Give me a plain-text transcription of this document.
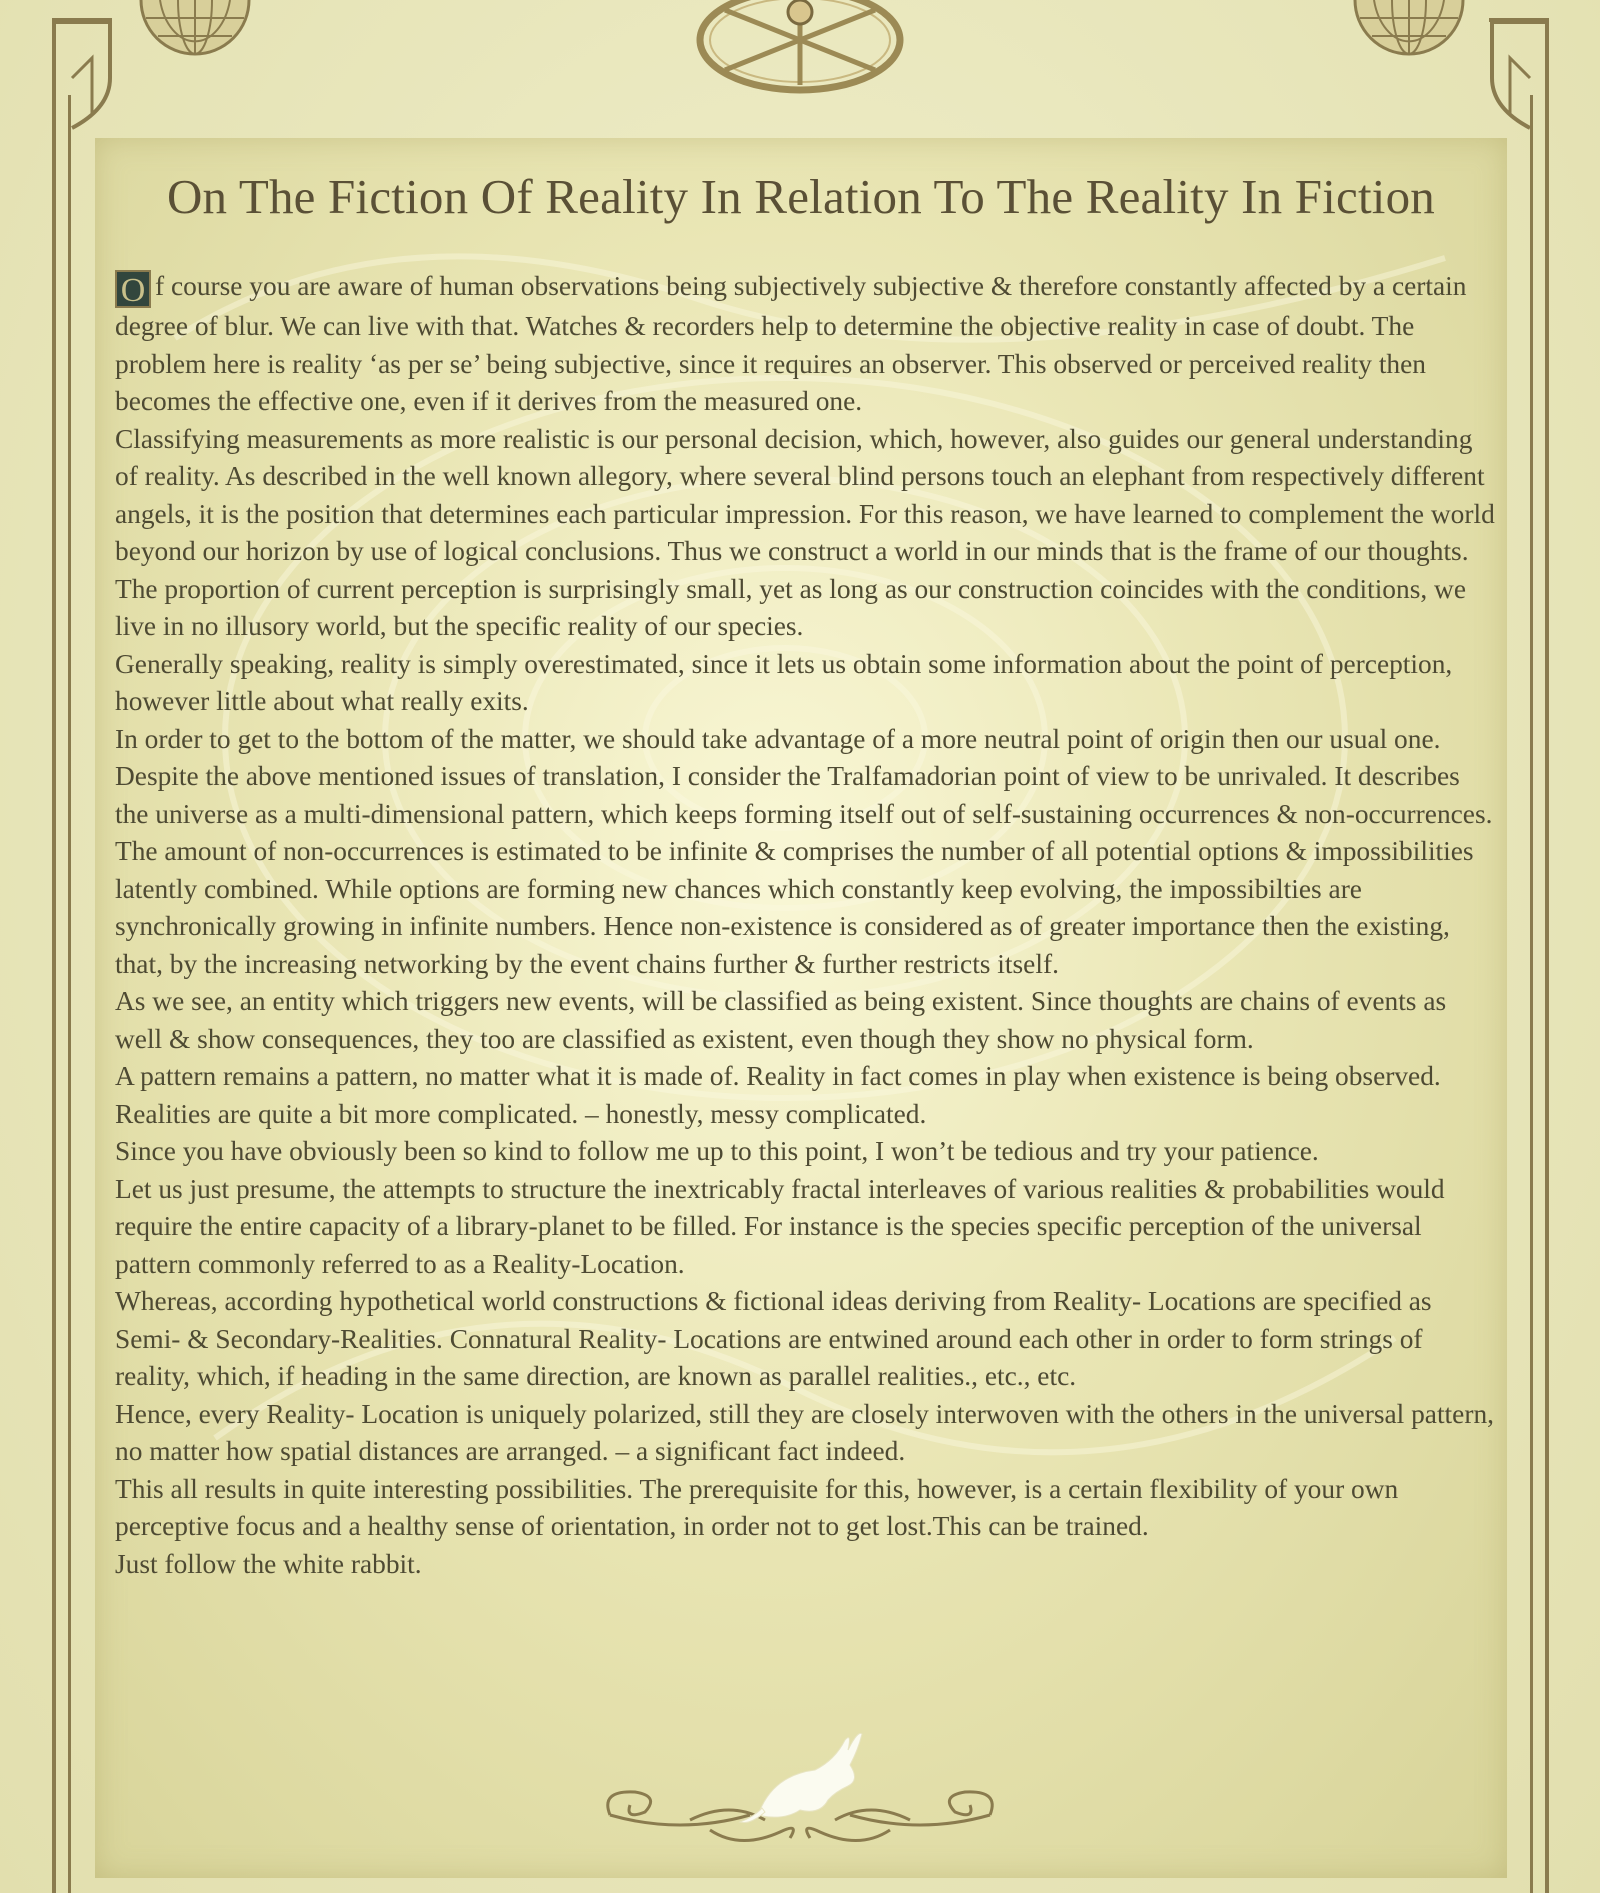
On The Fiction Of Reality In Relation To The Reality In Fiction

O f course you are aware of human observations being subjectively subjective & therefore constantly affected by a certain degree of blur. We can live with that. Watches & recorders help to determine the objective reality in case of doubt. The problem here is reality ‘as per se’ being subjective, since it requires an observer. This observed or perceived reality then becomes the effective one, even if it derives from the measured one.

Classifying measurements as more realistic is our personal decision, which, however, also guides our general understanding of reality. As described in the well known allegory, where several blind persons touch an elephant from respectively different angels, it is the position that determines each particular impression. For this reason, we have learned to complement the world beyond our horizon by use of logical conclusions. Thus we construct a world in our minds that is the frame of our thoughts.

The proportion of current perception is surprisingly small, yet as long as our construction coincides with the conditions, we live in no illusory world, but the specific reality of our species.

Generally speaking, reality is simply overestimated, since it lets us obtain some information about the point of perception, however little about what really exits.

In order to get to the bottom of the matter, we should take advantage of a more neutral point of origin then our usual one.

Despite the above mentioned issues of translation, I consider the Tralfamadorian point of view to be unrivaled. It describes the universe as a multi-dimensional pattern, which keeps forming itself out of self-sustaining occurrences & non-occurrences. The amount of non-occurrences is estimated to be infinite & comprises the number of all potential options & impossibilities latently combined. While options are forming new chances which constantly keep evolving, the impossibilties are synchronically growing in infinite numbers. Hence non-existence is considered as of greater importance then the existing, that, by the increasing networking by the event chains further & further restricts itself.

As we see, an entity which triggers new events, will be classified as being existent. Since thoughts are chains of events as well & show consequences, they too are classified as existent, even though they show no physical form.

A pattern remains a pattern, no matter what it is made of. Reality in fact comes in play when existence is being observed.

Realities are quite a bit more complicated. – honestly, messy complicated.

Since you have obviously been so kind to follow me up to this point, I won’t be tedious and try your patience.

Let us just presume, the attempts to structure the inextricably fractal interleaves of various realities & probabilities would require the entire capacity of a library-planet to be filled. For instance is the species specific perception of the universal pattern commonly referred to as a Reality-Location.

Whereas, according hypothetical world constructions & fictional ideas deriving from Reality- Locations are specified as Semi- & Secondary-Realities. Connatural Reality- Locations are entwined around each other in order to form strings of reality, which, if heading in the same direction, are known as parallel realities., etc., etc.

Hence, every Reality- Location is uniquely polarized, still they are closely interwoven with the others in the universal pattern, no matter how spatial distances are arranged. – a significant fact indeed.

This all results in quite interesting possibilities. The prerequisite for this, however, is a certain flexibility of your own perceptive focus and a healthy sense of orientation, in order not to get lost.This can be trained.

Just follow the white rabbit.
